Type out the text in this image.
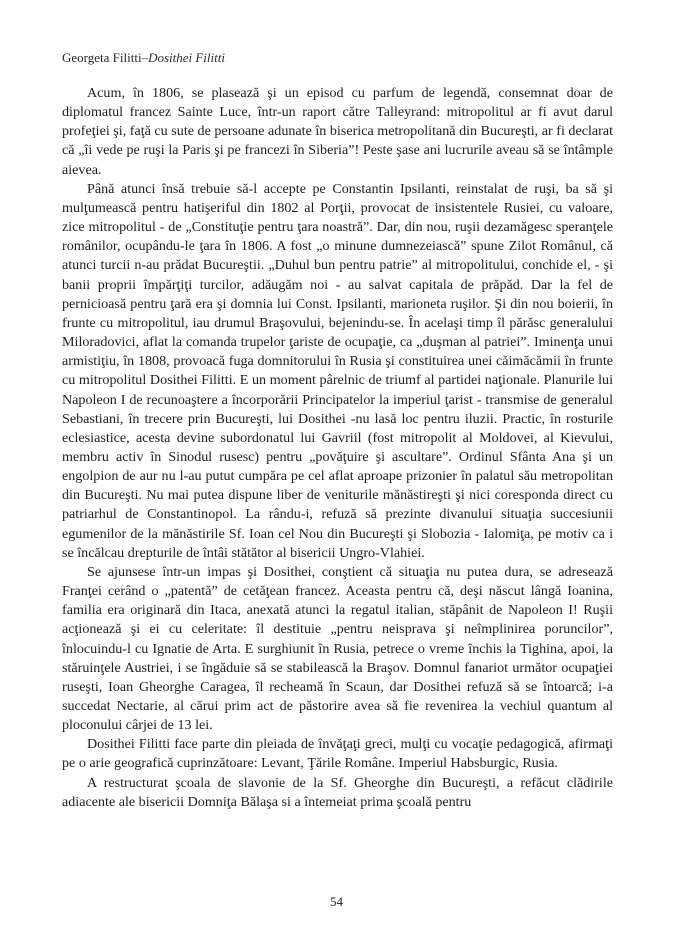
Georgeta Filitti–Dosithei Filitti

Acum, în 1806, se plasează şi un episod cu parfum de legendă, consemnat doar de diplomatul francez Sainte Luce, într-un raport către Talleyrand: mitropolitul ar fi avut darul profeţiei şi, faţă cu sute de persoane adunate în biserica metropolitană din Bucureşti, ar fi declarat că „îi vede pe ruşi la Paris şi pe francezi în Siberia”! Peste şase ani lucrurile aveau să se întâmple aievea.

Până atunci însă trebuie să-l accepte pe Constantin Ipsilanti, reinstalat de ruşi, ba să şi mulţumească pentru hatişeriful din 1802 al Porţii, provocat de insistentele Rusiei, cu valoare, zice mitropolitul - de „Constituţie pentru ţara noastră”. Dar, din nou, ruşii dezamăgesc speranţele românilor, ocupându-le ţara în 1806. A fost „o minune dumnezeiască” spune Zilot Românul, că atunci turcii n-au prădat Bucureştii. „Duhul bun pentru patrie” al mitropolitului, conchide el, - şi banii proprii împărţiţi turcilor, adăugăm noi - au salvat capitala de prăpăd. Dar la fel de pernicioasă pentru ţară era şi domnia lui Const. Ipsilanti, marioneta ruşilor. Şi din nou boierii, în frunte cu mitropolitul, iau drumul Braşovului, bejenindu-se. În acelaşi timp îl părăsc generalului Miloradovici, aflat la comanda trupelor ţariste de ocupaţie, ca „duşman al patriei”. Iminenţa unui armistiţiu, în 1808, provoacă fuga domnitorului în Rusia şi constituirea unei căimăcămii în frunte cu mitropolitul Dosithei Filitti. E un moment pârelnic de triumf al partidei naţionale. Planurile lui Napoleon I de recunoaştere a încorporării Principatelor la imperiul ţarist - transmise de generalul Sebastiani, în trecere prin Bucureşti, lui Dosithei -nu lasă loc pentru iluzii. Practic, în rosturile eclesiastice, acesta devine subordonatul lui Gavriil (fost mitropolit al Moldovei, al Kievului, membru activ în Sinodul rusesc) pentru „povăţuire şi ascultare”. Ordinul Sfânta Ana şi un engolpion de aur nu l-au putut cumpăra pe cel aflat aproape prizonier în palatul său metropolitan din Bucureşti. Nu mai putea dispune liber de veniturile mănăstireşti şi nici coresponda direct cu patriarhul de Constantinopol. La rându-i, refuză să prezinte divanului situaţia succesiunii egumenilor de la mănăstirile Sf. Ioan cel Nou din Bucureşti şi Slobozia - Ialomiţa, pe motiv ca i se încălcau drepturile de întâi stătător al bisericii Ungro-Vlahiei.

Se ajunsese într-un impas şi Dosithei, conştient că situaţia nu putea dura, se adresează Franţei cerând o „patentă” de cetăţean francez. Aceasta pentru că, deşi născut lângă Ioanina, familia era originară din Itaca, anexată atunci la regatul italian, stăpânit de Napoleon I! Ruşii acţionează şi ei cu celeritate: îl destituie „pentru neisprava şi neîmplinirea poruncilor”, înlocuindu-l cu Ignatie de Arta. E surghiunit în Rusia, petrece o vreme închis la Tighina, apoi, la stăruinţele Austriei, i se îngăduie să se stabilească la Braşov. Domnul fanariot următor ocupaţiei ruseşti, Ioan Gheorghe Caragea, îl recheamă în Scaun, dar Dosithei refuză să se întoarcă; i-a succedat Nectarie, al cărui prim act de păstorire avea să fie revenirea la vechiul quantum al ploconului cârjei de 13 lei.

Dosithei Filitti face parte din pleiada de învăţaţi greci, mulţi cu vocaţie pedagogică, afirmaţi pe o arie geografică cuprinzătoare: Levant, Ţările Române. Imperiul Habsburgic, Rusia.

A restructurat şcoala de slavonie de la Sf. Gheorghe din Bucureşti, a refăcut clădirile adiacente ale bisericii Domniţa Bălaşa si a întemeiat prima şcoală pentru

54
